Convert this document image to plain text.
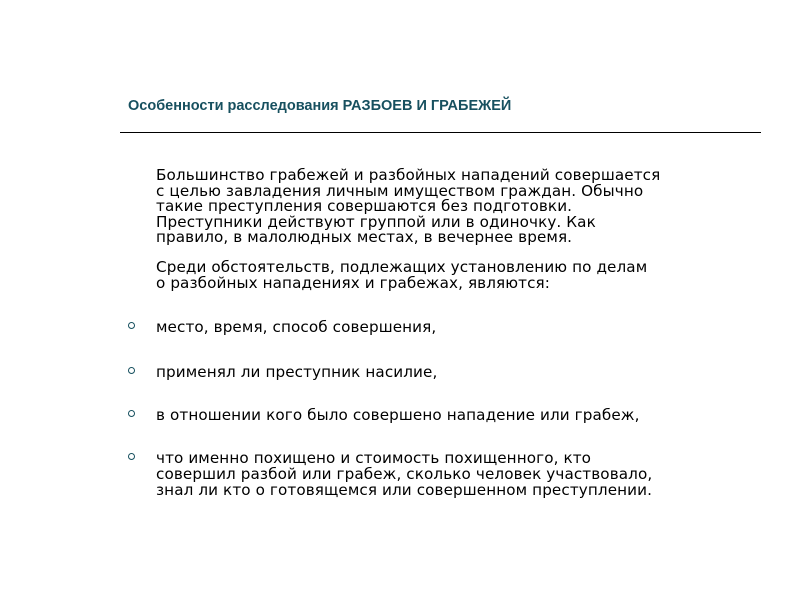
Особенности расследования РАЗБОЕВ И ГРАБЕЖЕЙ

Большинство грабежей и разбойных нападений совершается
с целью завладения личным имуществом граждан. Обычно
такие преступления совершаются без подготовки.
Преступники действуют группой или в одиночку. Как
правило, в малолюдных местах, в вечернее время.

Среди обстоятельств, подлежащих установлению по делам
о разбойных нападениях и грабежах, являются:

место, время, способ совершения,

применял ли преступник насилие,

в отношении кого было совершено нападение или грабеж,

что именно похищено и стоимость похищенного, кто
совершил разбой или грабеж, сколько человек участвовало,
знал ли кто о готовящемся или совершенном преступлении.
